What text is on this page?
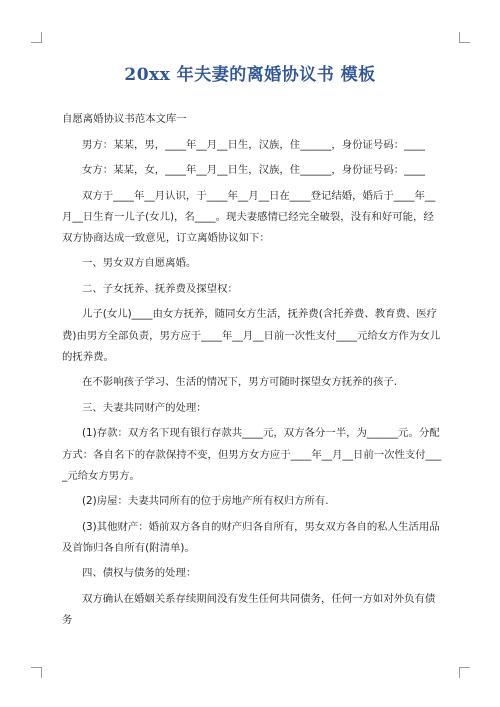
20xx 年夫妻的离婚协议书 模板

自愿离婚协议书范本文库一

男方：某某，男，____年__月__日生，汉族，住______，身份证号码：____

女方：某某，女，____年__月__日生，汉族，住______，身份证号码：____

双方于____年__月认识，于____年__月__日在____登记结婚，婚后于____年__月__日生育一儿子(女儿)，名____。现夫妻感情已经完全破裂，没有和好可能，经双方协商达成一致意见，订立离婚协议如下：

一、男女双方自愿离婚。

二、子女抚养、抚养费及探望权：

儿子(女儿)____由女方抚养，随同女方生活，抚养费(含托养费、教育费、医疗费)由男方全部负责，男方应于____年__月__日前一次性支付____元给女方作为女儿的抚养费。

在不影响孩子学习、生活的情况下，男方可随时探望女方抚养的孩子.

三、夫妻共同财产的处理：

(1)存款：双方名下现有银行存款共____元，双方各分一半，为______元。分配方式：各自名下的存款保持不变，但男方女方应于____年__月__日前一次性支付____元给女方男方。

(2)房屋：夫妻共同所有的位于房地产所有权归方所有.

(3)其他财产：婚前双方各自的财产归各自所有，男女双方各自的私人生活用品及首饰归各自所有(附清单)。

四、债权与债务的处理：

双方确认在婚姻关系存续期间没有发生任何共同债务，任何一方如对外负有债务
